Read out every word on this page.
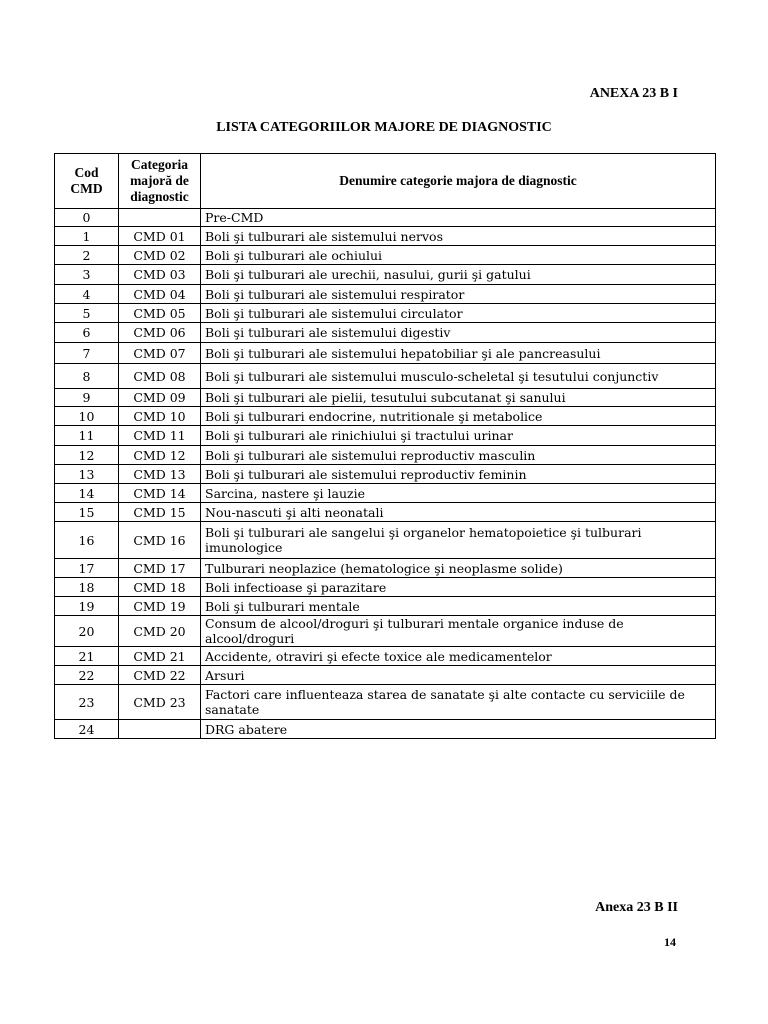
ANEXA 23 B I
LISTA CATEGORIILOR MAJORE DE DIAGNOSTIC
Cod CMD	Categoria majoră de diagnostic	Denumire categorie majora de diagnostic
0		Pre-CMD
1	CMD 01	Boli şi tulburari ale sistemului nervos
2	CMD 02	Boli şi tulburari ale ochiului
3	CMD 03	Boli şi tulburari ale urechii, nasului, gurii şi gatului
4	CMD 04	Boli şi tulburari ale sistemului respirator
5	CMD 05	Boli şi tulburari ale sistemului circulator
6	CMD 06	Boli şi tulburari ale sistemului digestiv
7	CMD 07	Boli şi tulburari ale sistemului hepatobiliar şi ale pancreasului
8	CMD 08	Boli şi tulburari ale sistemului musculo-scheletal şi tesutului conjunctiv
9	CMD 09	Boli şi tulburari ale pielii, tesutului subcutanat şi sanului
10	CMD 10	Boli şi tulburari endocrine, nutritionale şi metabolice
11	CMD 11	Boli şi tulburari ale rinichiului şi tractului urinar
12	CMD 12	Boli şi tulburari ale sistemului reproductiv masculin
13	CMD 13	Boli şi tulburari ale sistemului reproductiv feminin
14	CMD 14	Sarcina, nastere şi lauzie
15	CMD 15	Nou-nascuti şi alti neonatali
16	CMD 16	Boli şi tulburari ale sangelui şi organelor hematopoietice şi tulburari imunologice
17	CMD 17	Tulburari neoplazice (hematologice şi neoplasme solide)
18	CMD 18	Boli infectioase şi parazitare
19	CMD 19	Boli şi tulburari mentale
20	CMD 20	Consum de alcool/droguri şi tulburari mentale organice induse de alcool/droguri
21	CMD 21	Accidente, otraviri şi efecte toxice ale medicamentelor
22	CMD 22	Arsuri
23	CMD 23	Factori care influenteaza starea de sanatate şi alte contacte cu serviciile de sanatate
24		DRG abatere
Anexa 23 B II
14
